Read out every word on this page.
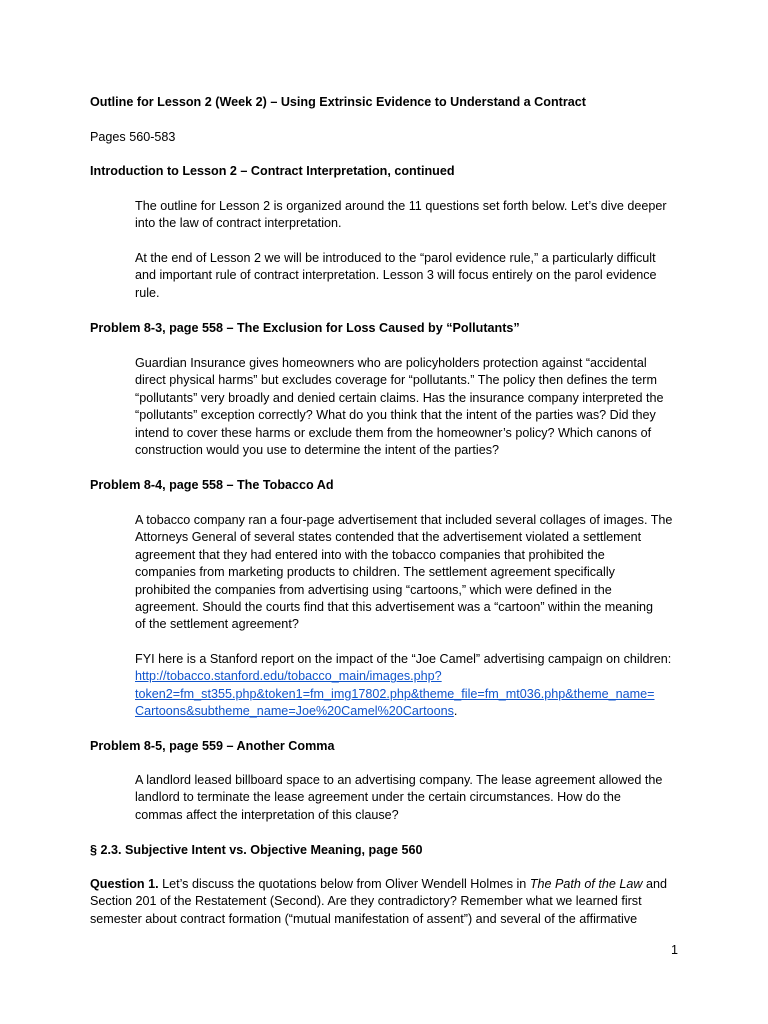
Outline for Lesson 2 (Week 2) – Using Extrinsic Evidence to Understand a Contract

Pages 560-583

Introduction to Lesson 2 – Contract Interpretation, continued

The outline for Lesson 2 is organized around the 11 questions set forth below. Let’s dive deeper
into the law of contract interpretation.
At the end of Lesson 2 we will be introduced to the “parol evidence rule,” a particularly difficult
and important rule of contract interpretation. Lesson 3 will focus entirely on the parol evidence
rule.

Problem 8-3, page 558 – The Exclusion for Loss Caused by “Pollutants”

Guardian Insurance gives homeowners who are policyholders protection against “accidental
direct physical harms” but excludes coverage for “pollutants.” The policy then defines the term
“pollutants” very broadly and denied certain claims. Has the insurance company interpreted the
“pollutants” exception correctly? What do you think that the intent of the parties was? Did they
intend to cover these harms or exclude them from the homeowner’s policy? Which canons of
construction would you use to determine the intent of the parties?

Problem 8-4, page 558 – The Tobacco Ad

A tobacco company ran a four-page advertisement that included several collages of images. The
Attorneys General of several states contended that the advertisement violated a settlement
agreement that they had entered into with the tobacco companies that prohibited the
companies from marketing products to children. The settlement agreement specifically
prohibited the companies from advertising using “cartoons,” which were defined in the
agreement. Should the courts find that this advertisement was a “cartoon” within the meaning
of the settlement agreement?
FYI here is a Stanford report on the impact of the “Joe Camel” advertising campaign on children:
http://tobacco.stanford.edu/tobacco_main/images.php?
token2=fm_st355.php&token1=fm_img17802.php&theme_file=fm_mt036.php&theme_name=
Cartoons&subtheme_name=Joe%20Camel%20Cartoons.

Problem 8-5, page 559 – Another Comma

A landlord leased billboard space to an advertising company. The lease agreement allowed the
landlord to terminate the lease agreement under the certain circumstances. How do the
commas affect the interpretation of this clause?

§ 2.3. Subjective Intent vs. Objective Meaning, page 560

Question 1. Let’s discuss the quotations below from Oliver Wendell Holmes in The Path of the Law and
Section 201 of the Restatement (Second). Are they contradictory? Remember what we learned first
semester about contract formation (“mutual manifestation of assent”) and several of the affirmative
1
